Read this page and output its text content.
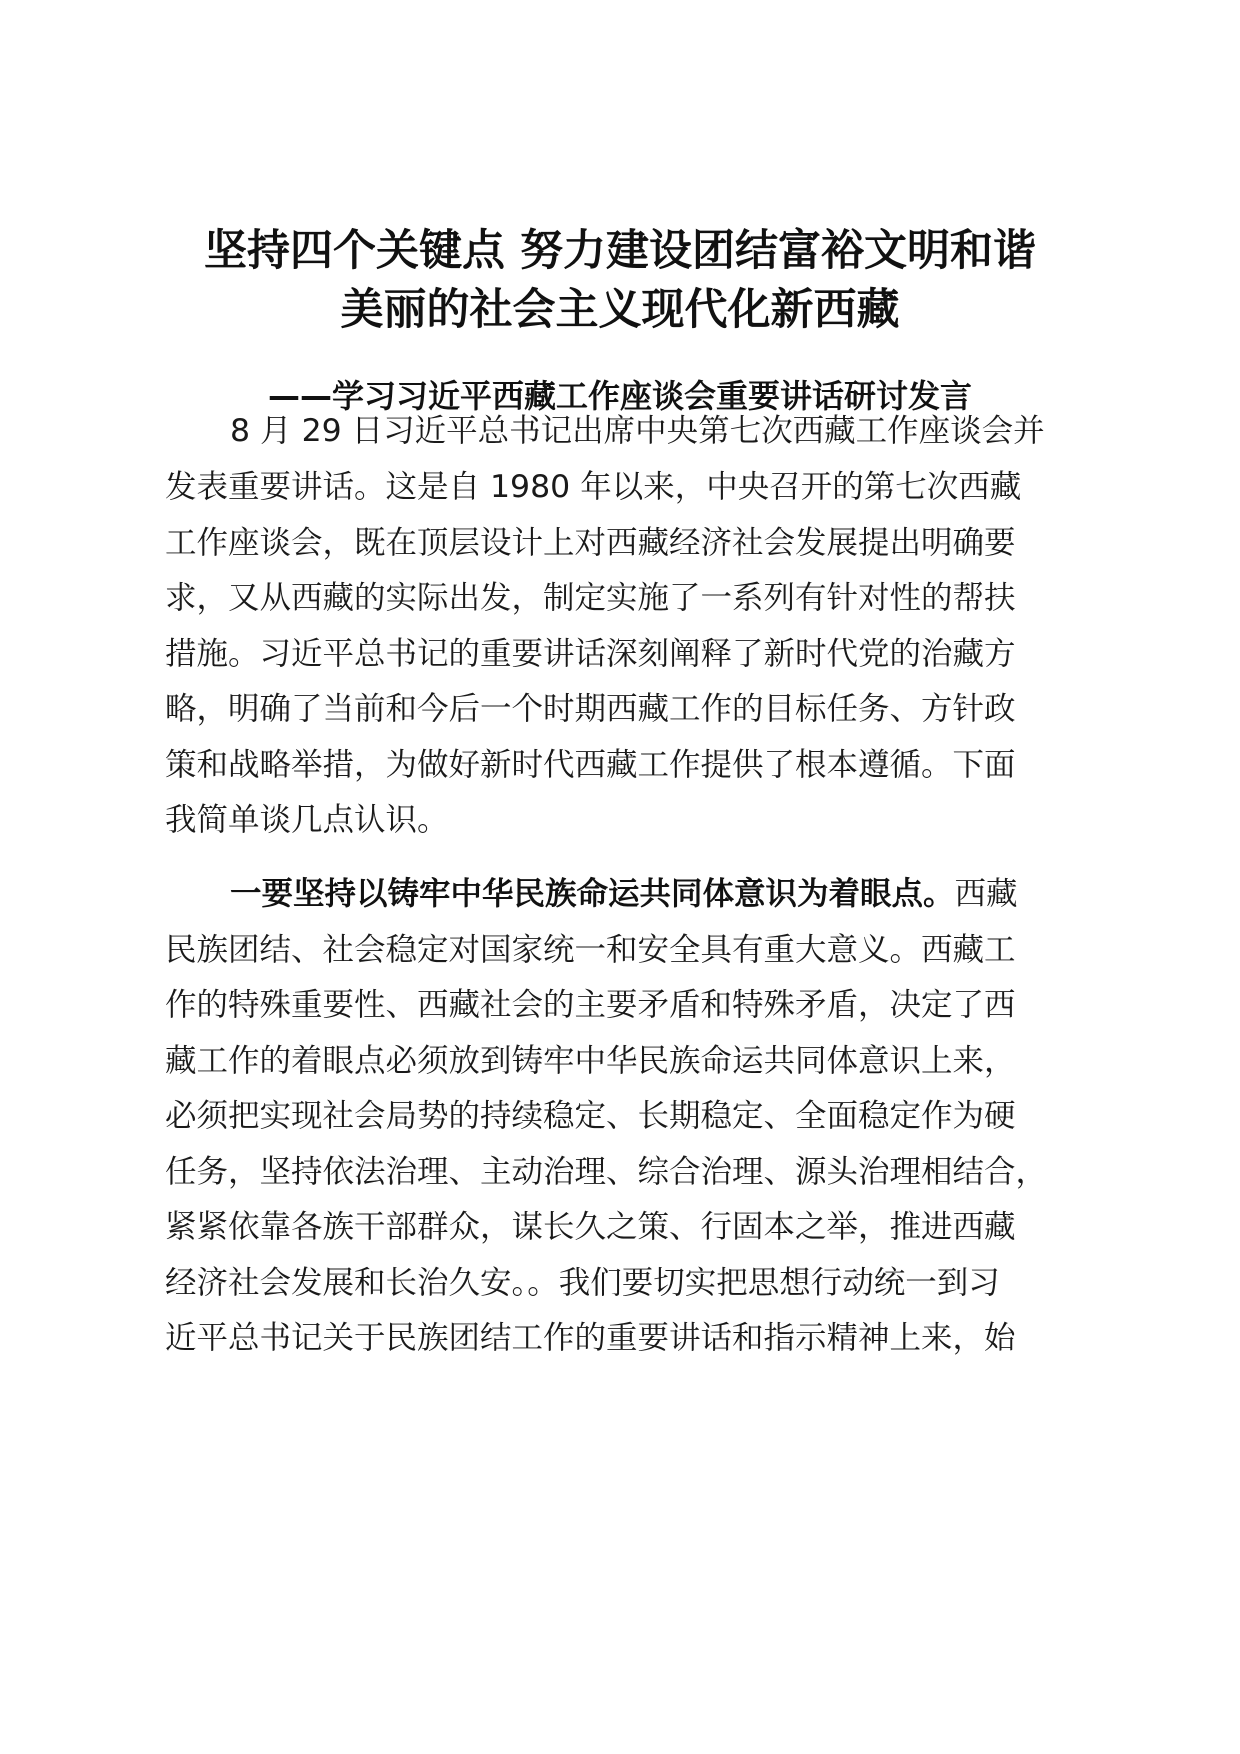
坚持四个关键点 努力建设团结富裕文明和谐
美丽的社会主义现代化新西藏
——学习习近平西藏工作座谈会重要讲话研讨发言
8 月 29 日习近平总书记出席中央第七次西藏工作座谈会并
发表重要讲话。这是自 1980 年以来，中央召开的第七次西藏
工作座谈会，既在顶层设计上对西藏经济社会发展提出明确要
求，又从西藏的实际出发，制定实施了一系列有针对性的帮扶
措施。习近平总书记的重要讲话深刻阐释了新时代党的治藏方
略，明确了当前和今后一个时期西藏工作的目标任务、方针政
策和战略举措，为做好新时代西藏工作提供了根本遵循。下面
我简单谈几点认识。
一要坚持以铸牢中华民族命运共同体意识为着眼点。西藏
民族团结、社会稳定对国家统一和安全具有重大意义。西藏工
作的特殊重要性、西藏社会的主要矛盾和特殊矛盾，决定了西
藏工作的着眼点必须放到铸牢中华民族命运共同体意识上来，
必须把实现社会局势的持续稳定、长期稳定、全面稳定作为硬
任务，坚持依法治理、主动治理、综合治理、源头治理相结合，
紧紧依靠各族干部群众，谋长久之策、行固本之举，推进西藏
经济社会发展和长治久安。。我们要切实把思想行动统一到习
近平总书记关于民族团结工作的重要讲话和指示精神上来，始
